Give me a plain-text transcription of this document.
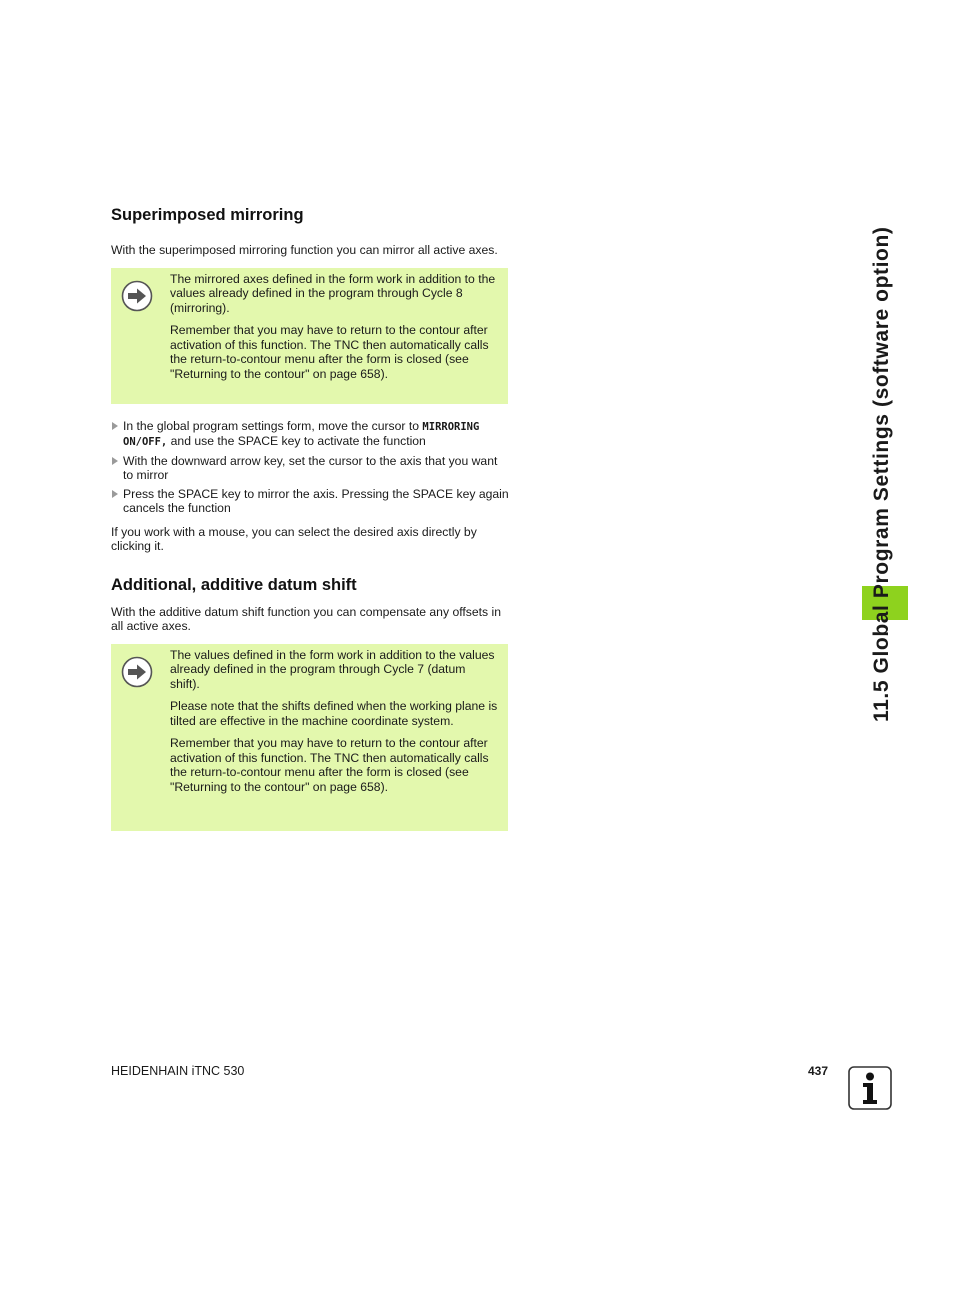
Superimposed mirroring

With the superimposed mirroring function you can mirror all active axes.

The mirrored axes defined in the form work in addition to the values already defined in the program through Cycle 8 (mirroring).

Remember that you may have to return to the contour after activation of this function. The TNC then automatically calls the return-to-contour menu after the form is closed (see "Returning to the contour" on page 658).

In the global program settings form, move the cursor to MIRRORING ON/OFF, and use the SPACE key to activate the function
With the downward arrow key, set the cursor to the axis that you want to mirror
Press the SPACE key to mirror the axis. Pressing the SPACE key again cancels the function

If you work with a mouse, you can select the desired axis directly by clicking it.

Additional, additive datum shift

With the additive datum shift function you can compensate any offsets in all active axes.

The values defined in the form work in addition to the values already defined in the program through Cycle 7 (datum shift).

Please note that the shifts defined when the working plane is tilted are effective in the machine coordinate system.

Remember that you may have to return to the contour after activation of this function. The TNC then automatically calls the return-to-contour menu after the form is closed (see "Returning to the contour" on page 658).

11.5 Global Program Settings (software option)
HEIDENHAIN iTNC 530	437
